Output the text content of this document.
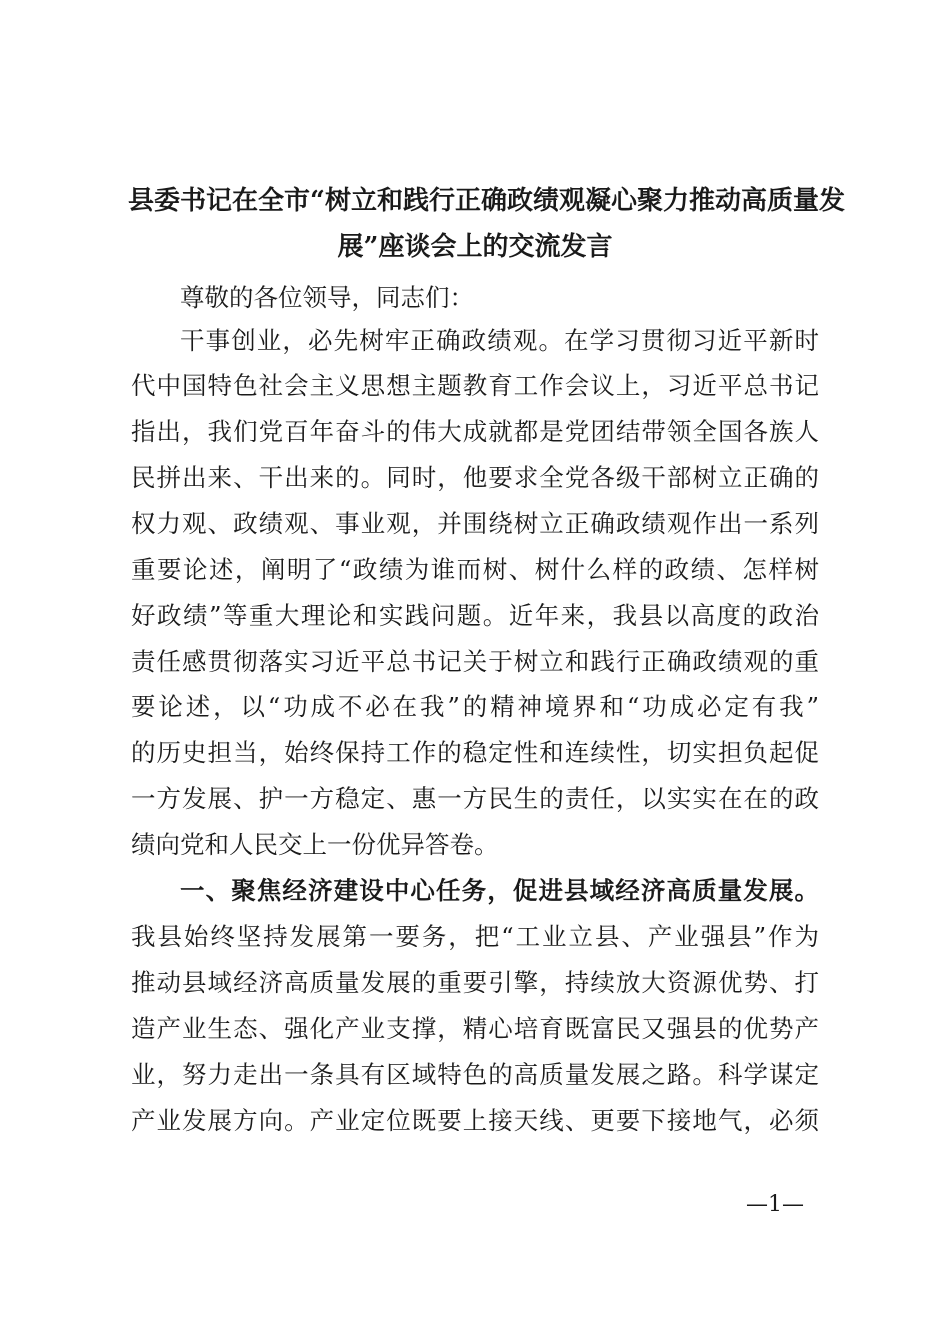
县委书记在全市“树立和践行正确政绩观凝心聚力推动高质量发
展”座谈会上的交流发言
尊敬的各位领导，同志们：
干事创业，必先树牢正确政绩观。在学习贯彻习近平新时
代中国特色社会主义思想主题教育工作会议上，习近平总书记
指出，我们党百年奋斗的伟大成就都是党团结带领全国各族人
民拼出来、干出来的。同时，他要求全党各级干部树立正确的
权力观、政绩观、事业观，并围绕树立正确政绩观作出一系列
重要论述，阐明了“政绩为谁而树、树什么样的政绩、怎样树
好政绩”等重大理论和实践问题。近年来，我县以高度的政治
责任感贯彻落实习近平总书记关于树立和践行正确政绩观的重
要论述，以“功成不必在我”的精神境界和“功成必定有我”
的历史担当，始终保持工作的稳定性和连续性，切实担负起促
一方发展、护一方稳定、惠一方民生的责任，以实实在在的政
绩向党和人民交上一份优异答卷。
一、聚焦经济建设中心任务，促进县域经济高质量发展。
我县始终坚持发展第一要务，把“工业立县、产业强县”作为
推动县域经济高质量发展的重要引擎，持续放大资源优势、打
造产业生态、强化产业支撑，精心培育既富民又强县的优势产
业，努力走出一条具有区域特色的高质量发展之路。科学谋定
产业发展方向。产业定位既要上接天线、更要下接地气，必须
—1—
